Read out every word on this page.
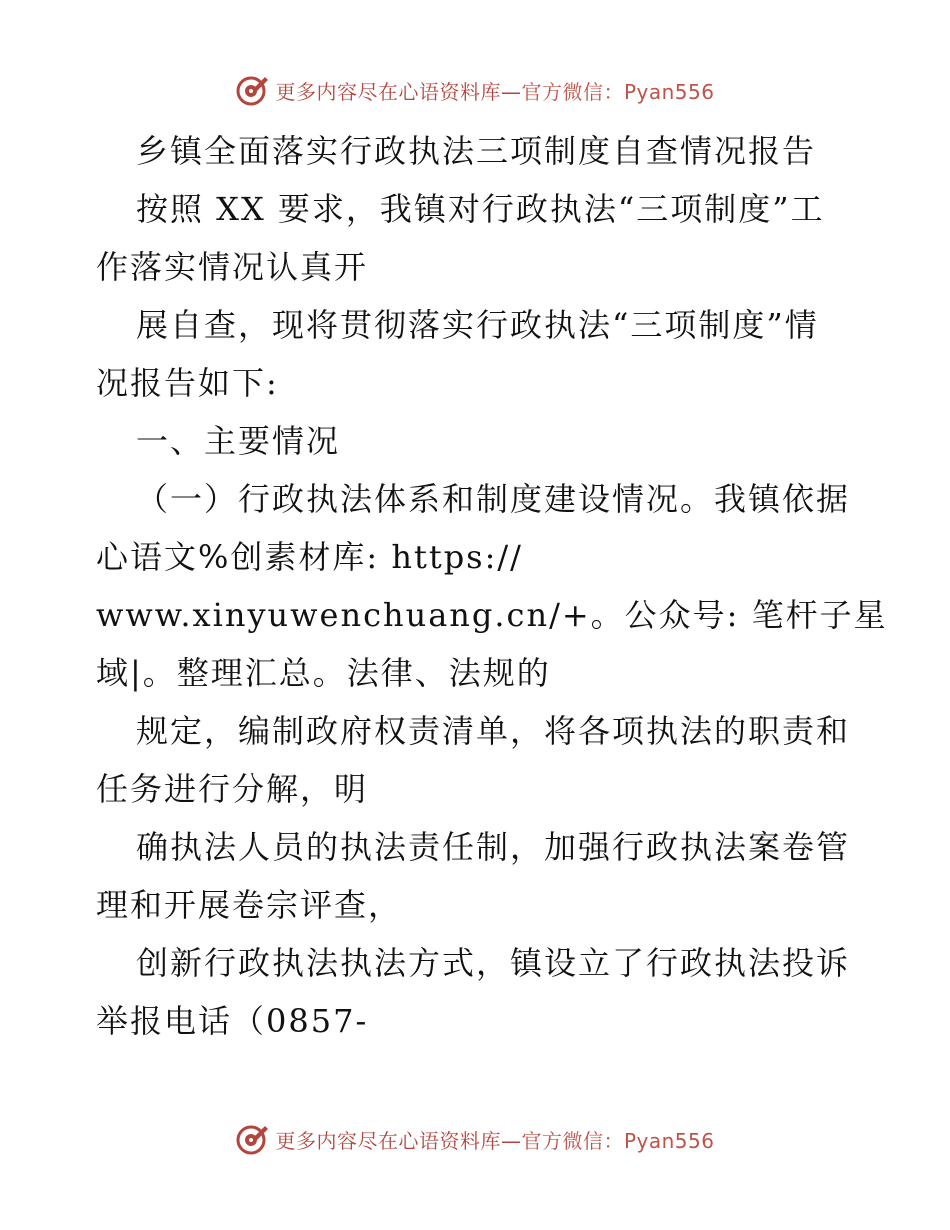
更多内容尽在心语资料库—官方微信：Pyan556
乡镇全面落实行政执法三项制度自查情况报告
按照 XX 要求，我镇对行政执法“三项制度”工
作落实情况认真开
展自查，现将贯彻落实行政执法“三项制度”情
况报告如下:
一、主要情况
（一）行政执法体系和制度建设情况。我镇依据
心语文%创素材库: https://
www.xinyuwenchuang.cn/+。公众号: 笔杆子星
域|。整理汇总。法律、法规的
规定，编制政府权责清单，将各项执法的职责和
任务进行分解，明
确执法人员的执法责任制，加强行政执法案卷管
理和开展卷宗评查，
创新行政执法执法方式，镇设立了行政执法投诉
举报电话（0857-
更多内容尽在心语资料库—官方微信：Pyan556
